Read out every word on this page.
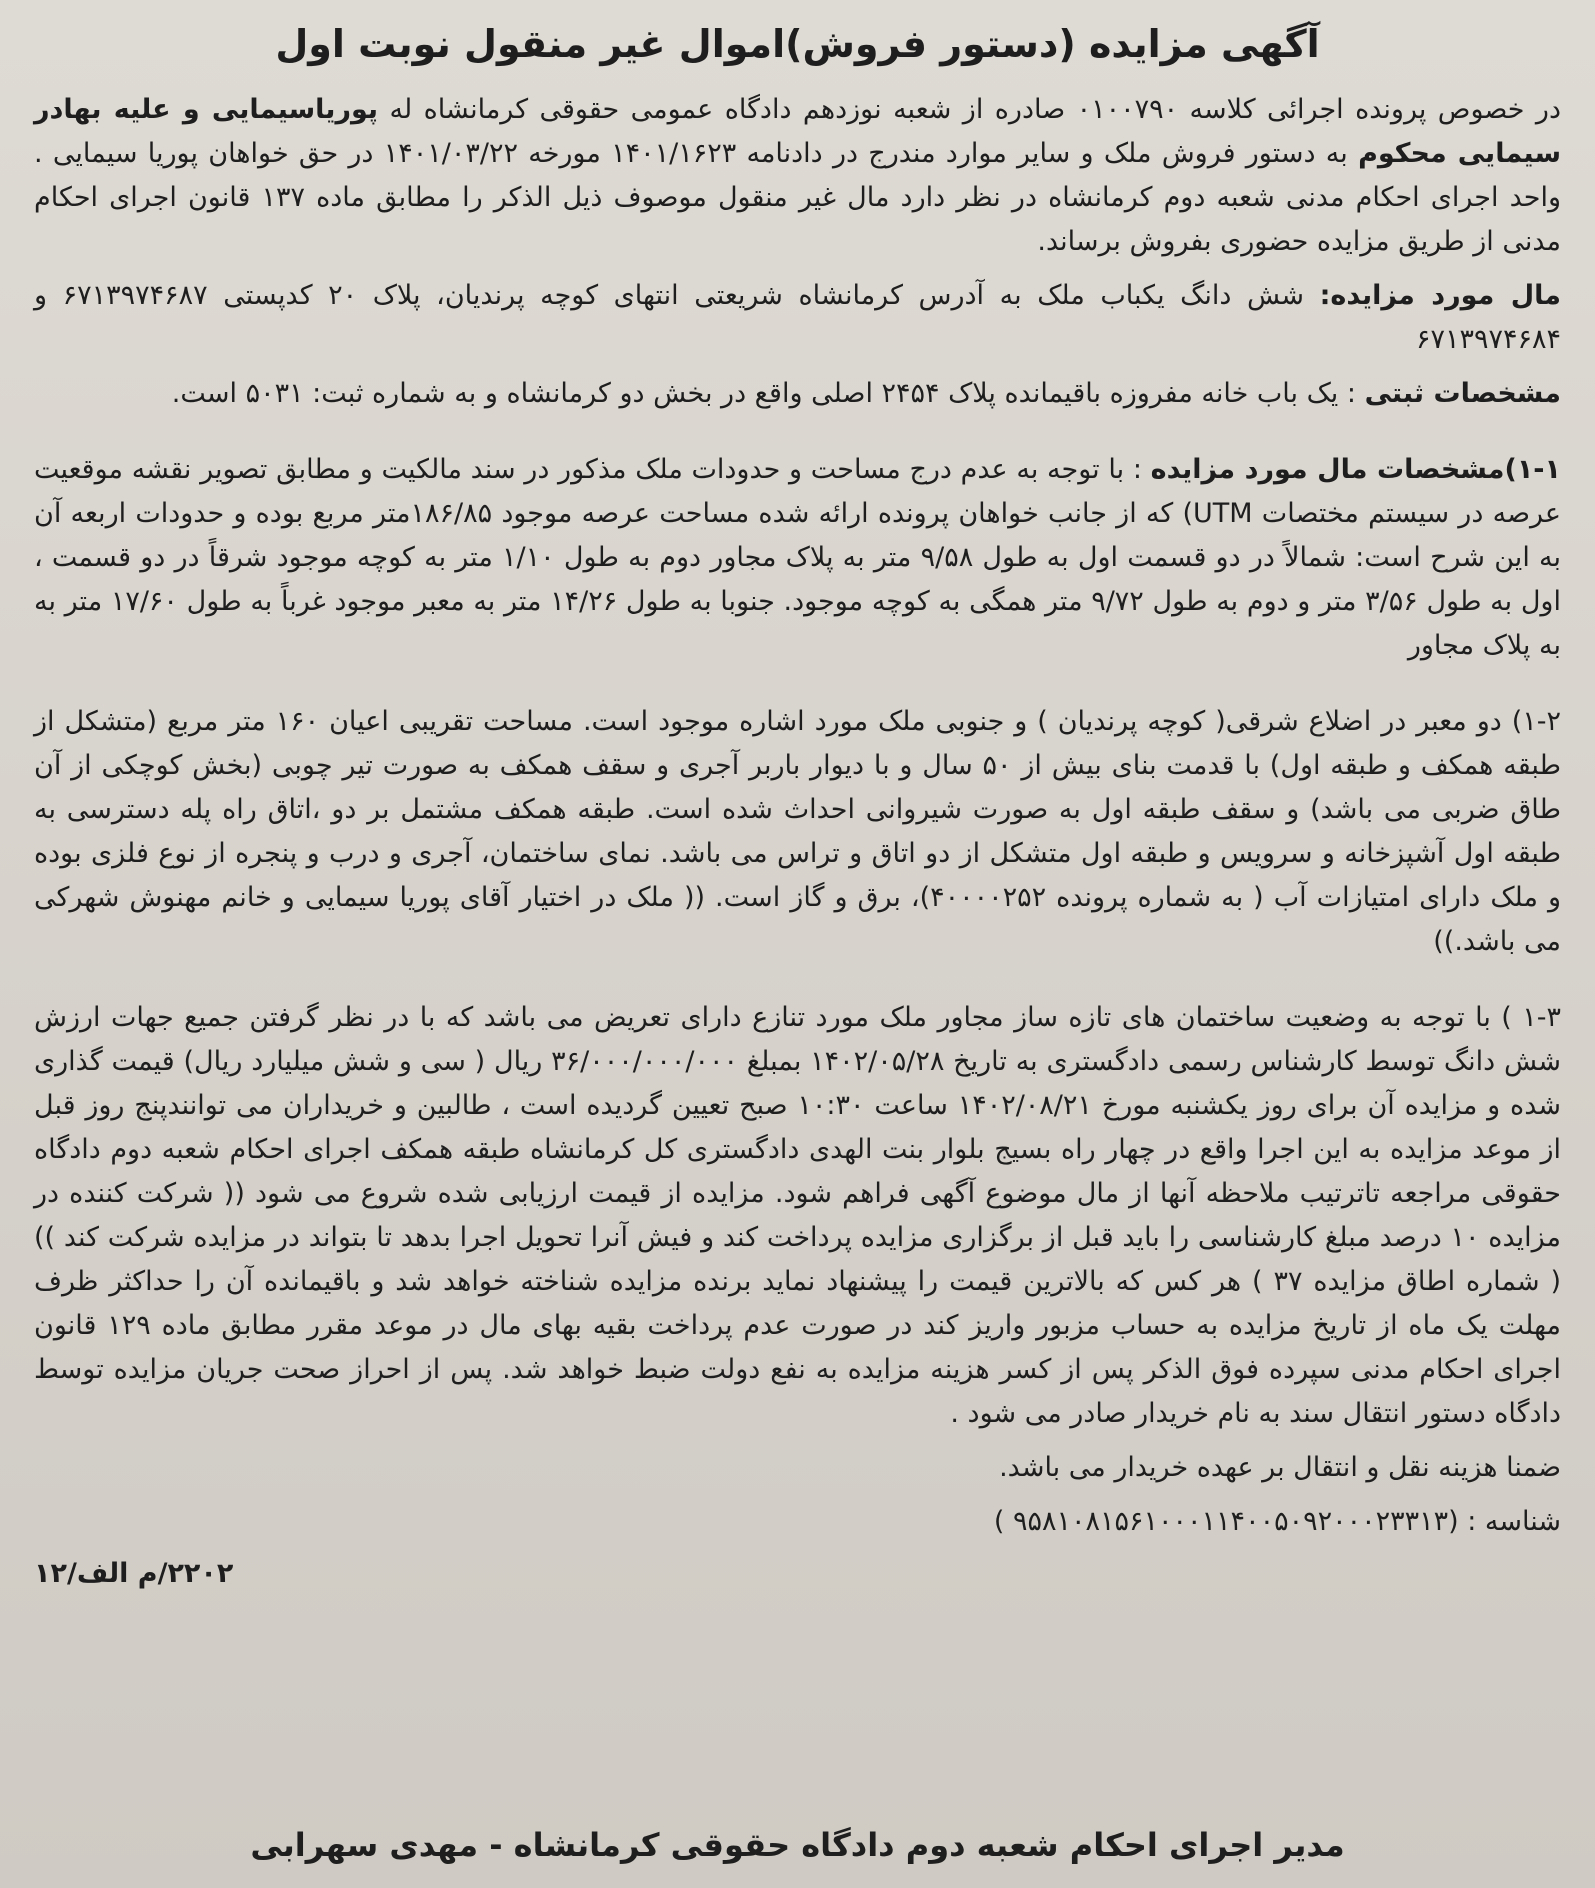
آگهی مزایده (دستور فروش)اموال غیر منقول نوبت اول

در خصوص پرونده اجرائی کلاسه ۰۱۰۰۷۹۰ صادره از شعبه نوزدهم دادگاه عمومی حقوقی کرمانشاه له پوریاسیمایی و علیه بهادر سیمایی محکوم به دستور فروش ملک و سایر موارد مندرج در دادنامه ۱۴۰۱/۱۶۲۳ مورخه ۱۴۰۱/۰۳/۲۲ در حق خواهان پوریا سیمایی . واحد اجرای احکام مدنی شعبه دوم کرمانشاه در نظر دارد مال غیر منقول موصوف ذیل الذکر را مطابق ماده ۱۳۷ قانون اجرای احکام مدنی از طریق مزایده حضوری بفروش برساند.

مال مورد مزایده: شش دانگ یکباب ملک به آدرس کرمانشاه شریعتی انتهای کوچه پرندیان، پلاک ۲۰ کدپستی ۶۷۱۳۹۷۴۶۸۷ و ۶۷۱۳۹۷۴۶۸۴

مشخصات ثبتی : یک باب خانه مفروزه باقیمانده پلاک ۲۴۵۴ اصلی واقع در بخش دو کرمانشاه و به شماره ثبت: ۵۰۳۱ است.

۱-۱)مشخصات مال مورد مزایده : با توجه به عدم درج مساحت و حدودات ملک مذکور در سند مالکیت و مطابق تصویر نقشه موقعیت عرصه در سیستم مختصات UTM) که از جانب خواهان پرونده ارائه شده مساحت عرصه موجود ۱۸۶/۸۵متر مربع بوده و حدودات اربعه آن به این شرح است: شمالاً در دو قسمت اول به طول ۹/۵۸ متر به پلاک مجاور دوم به طول ۱/۱۰ متر به کوچه موجود شرقاً در دو قسمت ، اول به طول ۳/۵۶ متر و دوم به طول ۹/۷۲ متر همگی به کوچه موجود. جنوبا به طول ۱۴/۲۶ متر به معبر موجود غرباً به طول ۱۷/۶۰ متر به به پلاک مجاور

۱-۲) دو معبر در اضلاع شرقی( کوچه پرندیان ) و جنوبی ملک مورد اشاره موجود است. مساحت تقریبی اعیان ۱۶۰ متر مربع (متشکل از طبقه همکف و طبقه اول) با قدمت بنای بیش از ۵۰ سال و با دیوار باربر آجری و سقف همکف به صورت تیر چوبی (بخش کوچکی از آن طاق ضربی می باشد) و سقف طبقه اول به صورت شیروانی احداث شده است. طبقه همکف مشتمل بر دو ،اتاق راه پله دسترسی به طبقه اول آشپزخانه و سرویس و طبقه اول متشکل از دو اتاق و تراس می باشد. نمای ساختمان، آجری و درب و پنجره از نوع فلزی بوده و ملک دارای امتیازات آب ( به شماره پرونده ۴۰۰۰۰۲۵۲)، برق و گاز است. (( ملک در اختیار آقای پوریا سیمایی و خانم مهنوش شهرکی می باشد.))

۱-۳ ) با توجه به وضعیت ساختمان های تازه ساز مجاور ملک مورد تنازع دارای تعریض می باشد که با در نظر گرفتن جمیع جهات ارزش شش دانگ توسط کارشناس رسمی دادگستری به تاریخ ۱۴۰۲/۰۵/۲۸ بمبلغ ۳۶/۰۰۰/۰۰۰/۰۰۰ ریال ( سی و شش میلیارد ریال) قیمت گذاری شده و مزایده آن برای روز یکشنبه مورخ ۱۴۰۲/۰۸/۲۱ ساعت ۱۰:۳۰ صبح تعیین گردیده است ، طالبین و خریداران می توانندپنج روز قبل از موعد مزایده به این اجرا واقع در چهار راه بسیج بلوار بنت الهدی دادگستری کل کرمانشاه طبقه همکف اجرای احکام شعبه دوم دادگاه حقوقی مراجعه تاترتیب ملاحظه آنها از مال موضوع آگهی فراهم شود. مزایده از قیمت ارزیابی شده شروع می شود (( شرکت کننده در مزایده ۱۰ درصد مبلغ کارشناسی را باید قبل از برگزاری مزایده پرداخت کند و فیش آنرا تحویل اجرا بدهد تا بتواند در مزایده شرکت کند )) ( شماره اطاق مزایده ۳۷ ) هر کس که بالاترین قیمت را پیشنهاد نماید برنده مزایده شناخته خواهد شد و باقیمانده آن را حداکثر ظرف مهلت یک ماه از تاریخ مزایده به حساب مزبور واریز کند در صورت عدم پرداخت بقیه بهای مال در موعد مقرر مطابق ماده ۱۲۹ قانون اجرای احکام مدنی سپرده فوق الذکر پس از کسر هزینه مزایده به نفع دولت ضبط خواهد شد. پس از احراز صحت جریان مزایده توسط دادگاه دستور انتقال سند به نام خریدار صادر می شود .

ضمنا هزینه نقل و انتقال بر عهده خریدار می باشد.

شناسه : (۹۵۸۱۰۸۱۵۶۱۰۰۰۱۱۴۰۰۵۰۹۲۰۰۰۲۳۳۱۳ )

۲۲۰۲/م الف/۱۲
مدیر اجرای احکام شعبه دوم دادگاه حقوقی کرمانشاه - مهدی سهرابی
